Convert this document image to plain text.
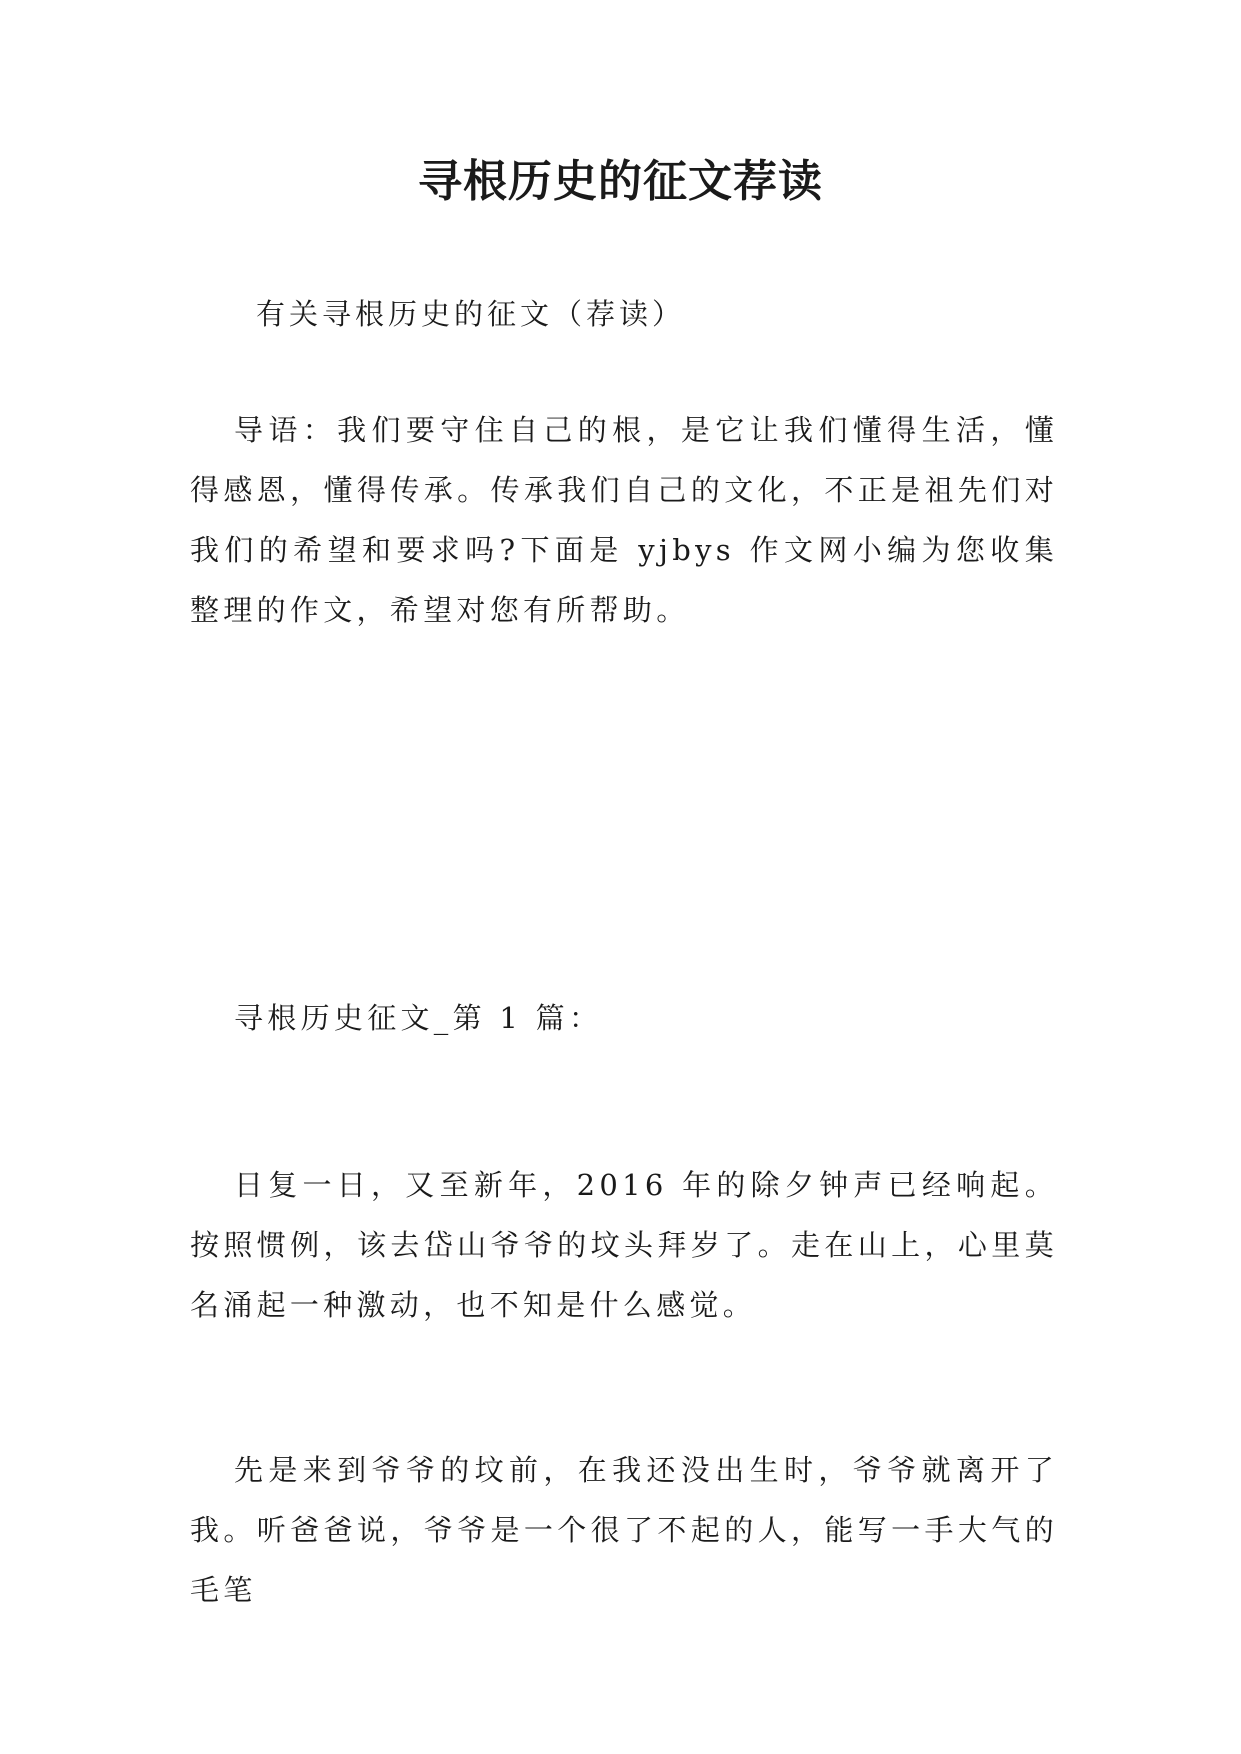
寻根历史的征文荐读

有关寻根历史的征文（荐读）

导语：我们要守住自己的根，是它让我们懂得生活，懂得感恩，懂得传承。传承我们自己的文化，不正是祖先们对我们的希望和要求吗?下面是 yjbys 作文网小编为您收集整理的作文，希望对您有所帮助。

寻根历史征文_第 1 篇：

日复一日，又至新年，2016 年的除夕钟声已经响起。按照惯例，该去岱山爷爷的坟头拜岁了。走在山上，心里莫名涌起一种激动，也不知是什么感觉。

先是来到爷爷的坟前，在我还没出生时，爷爷就离开了我。听爸爸说，爷爷是一个很了不起的人，能写一手大气的毛笔
